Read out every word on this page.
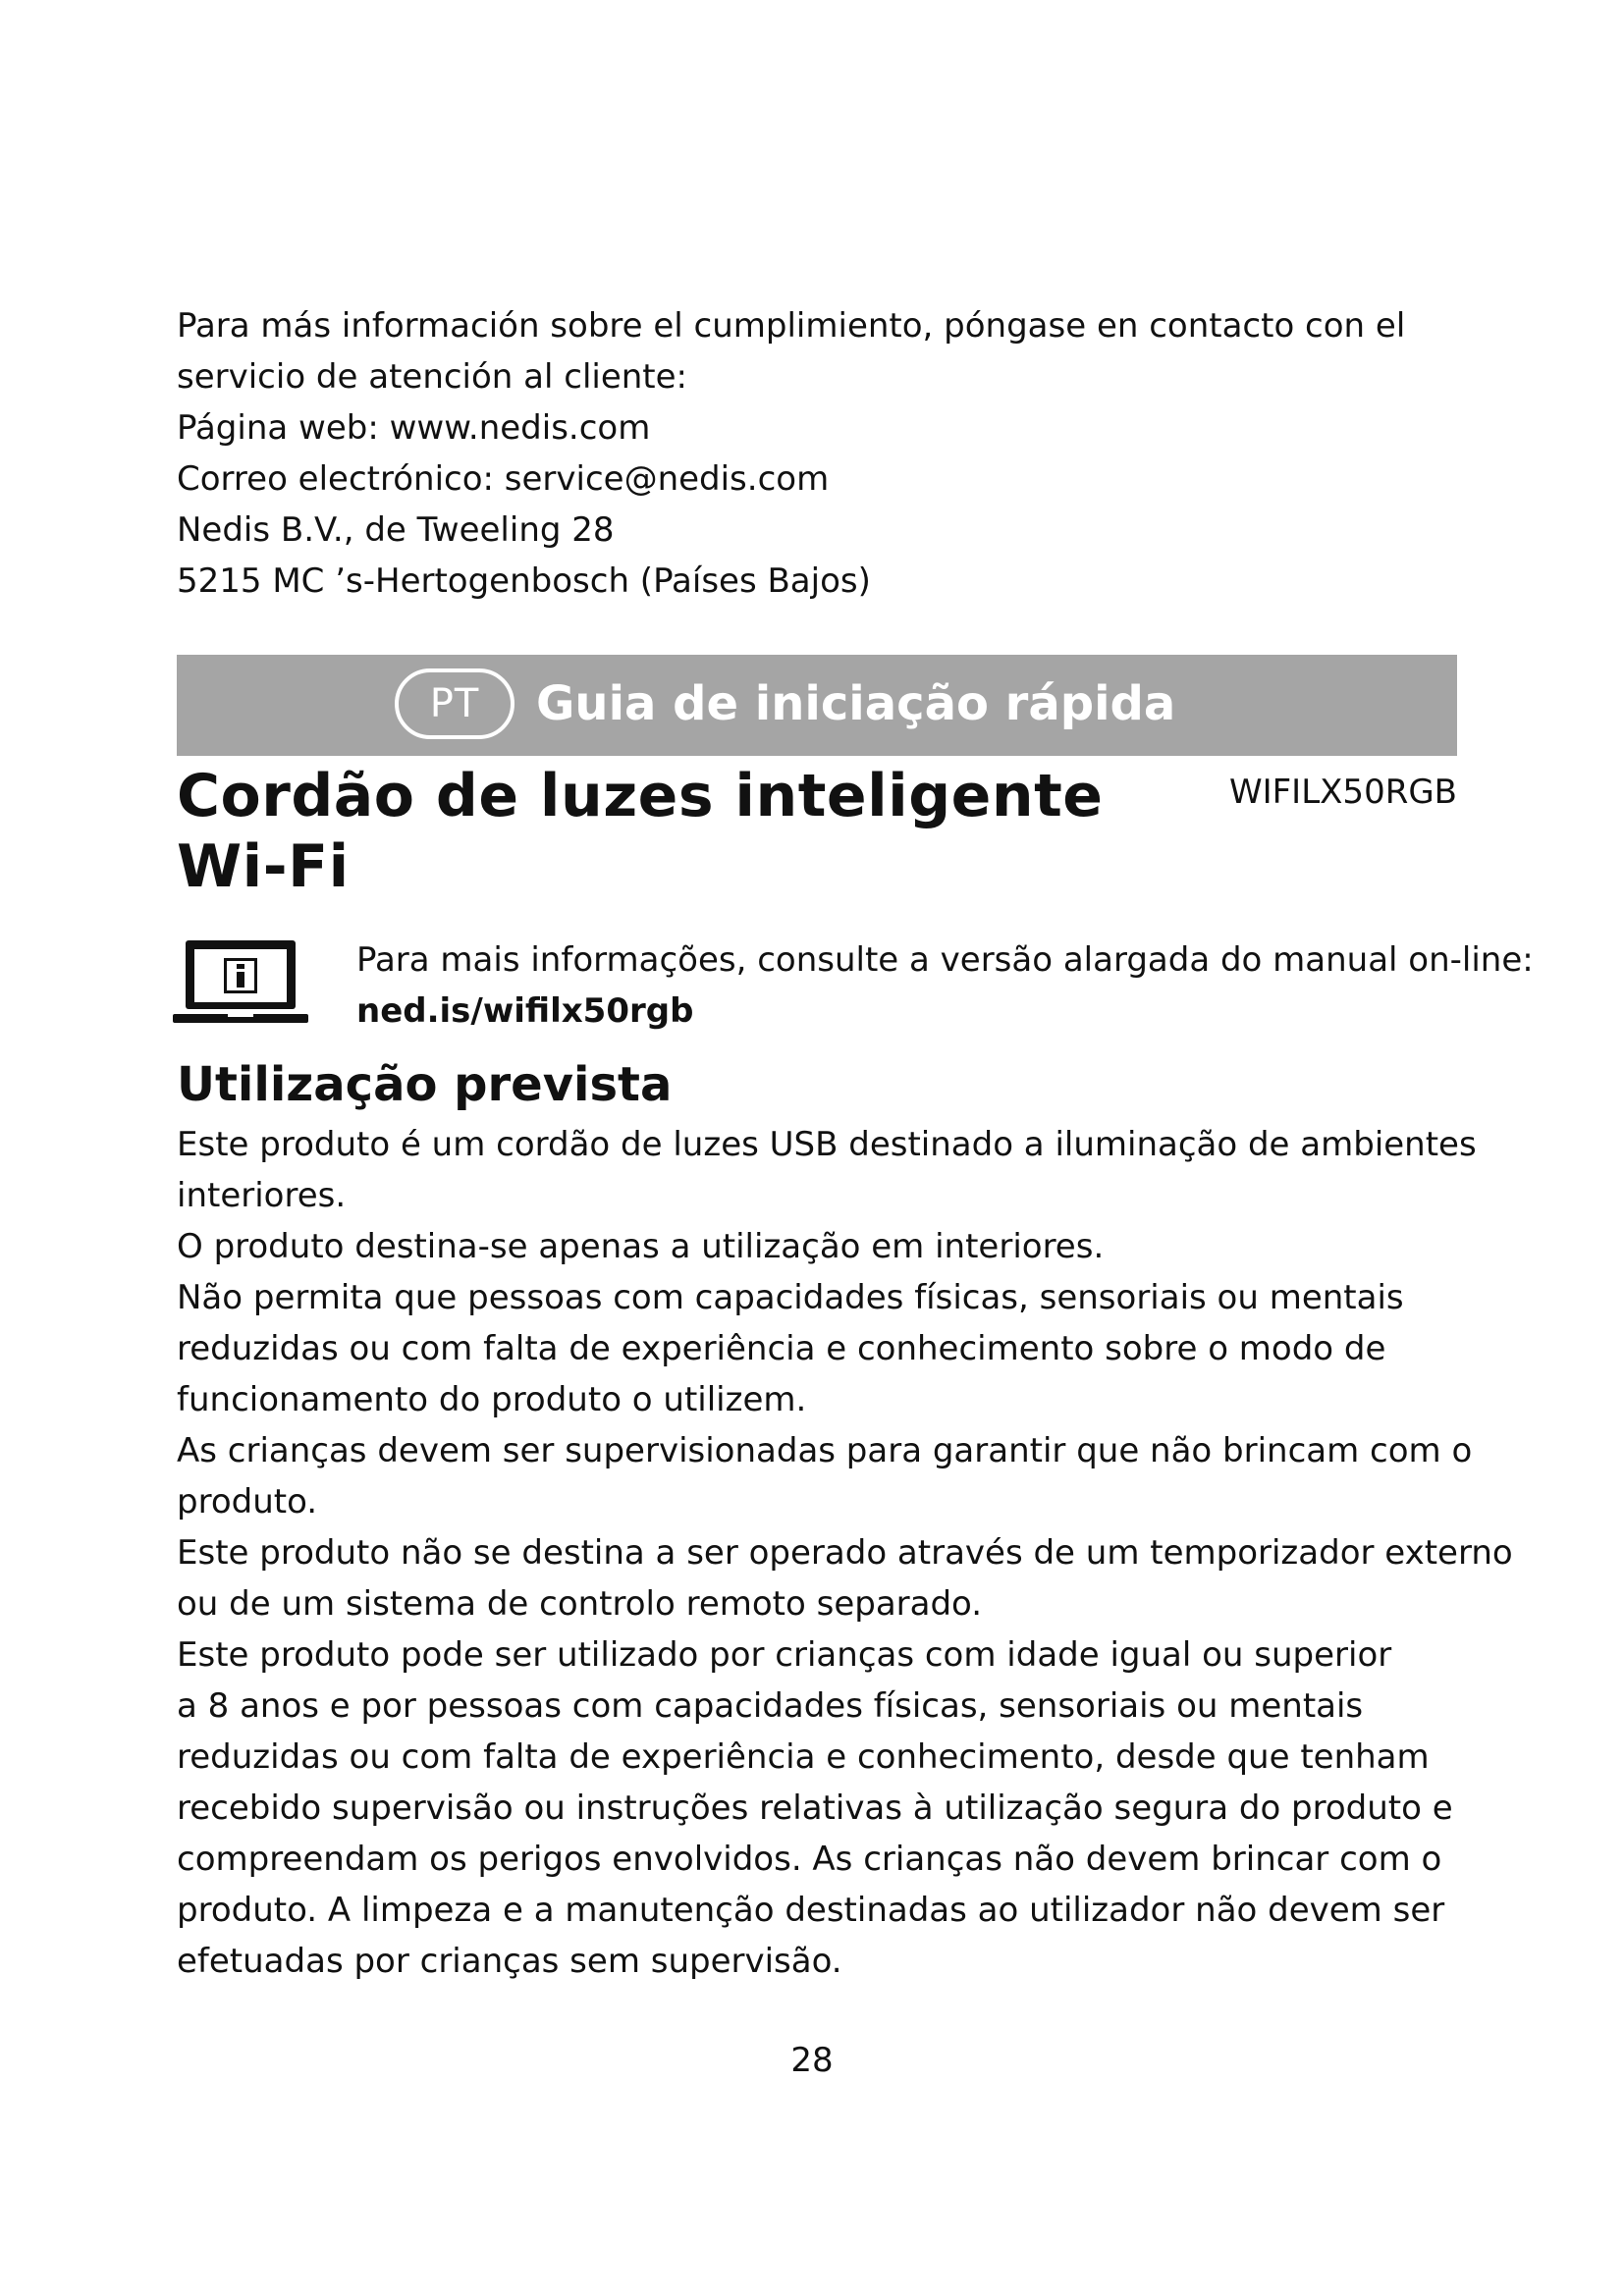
Para más información sobre el cumplimiento, póngase en contacto con el
servicio de atención al cliente:
Página web: www.nedis.com
Correo electrónico: service@nedis.com
Nedis B.V., de Tweeling 28
5215 MC ’s-Hertogenbosch (Países Bajos)
PT	Guia de iniciação rápida
Cordão de luzes inteligente
Wi-Fi
WIFILX50RGB
Para mais informações, consulte a versão alargada do manual on-line:
ned.is/wifilx50rgb
Utilização prevista
Este produto é um cordão de luzes USB destinado a iluminação de ambientes
interiores.
O produto destina-se apenas a utilização em interiores.
Não permita que pessoas com capacidades físicas, sensoriais ou mentais
reduzidas ou com falta de experiência e conhecimento sobre o modo de
funcionamento do produto o utilizem.
As crianças devem ser supervisionadas para garantir que não brincam com o
produto.
Este produto não se destina a ser operado através de um temporizador externo
ou de um sistema de controlo remoto separado.
Este produto pode ser utilizado por crianças com idade igual ou superior
a 8 anos e por pessoas com capacidades físicas, sensoriais ou mentais
reduzidas ou com falta de experiência e conhecimento, desde que tenham
recebido supervisão ou instruções relativas à utilização segura do produto e
compreendam os perigos envolvidos. As crianças não devem brincar com o
produto. A limpeza e a manutenção destinadas ao utilizador não devem ser
efetuadas por crianças sem supervisão.
28
